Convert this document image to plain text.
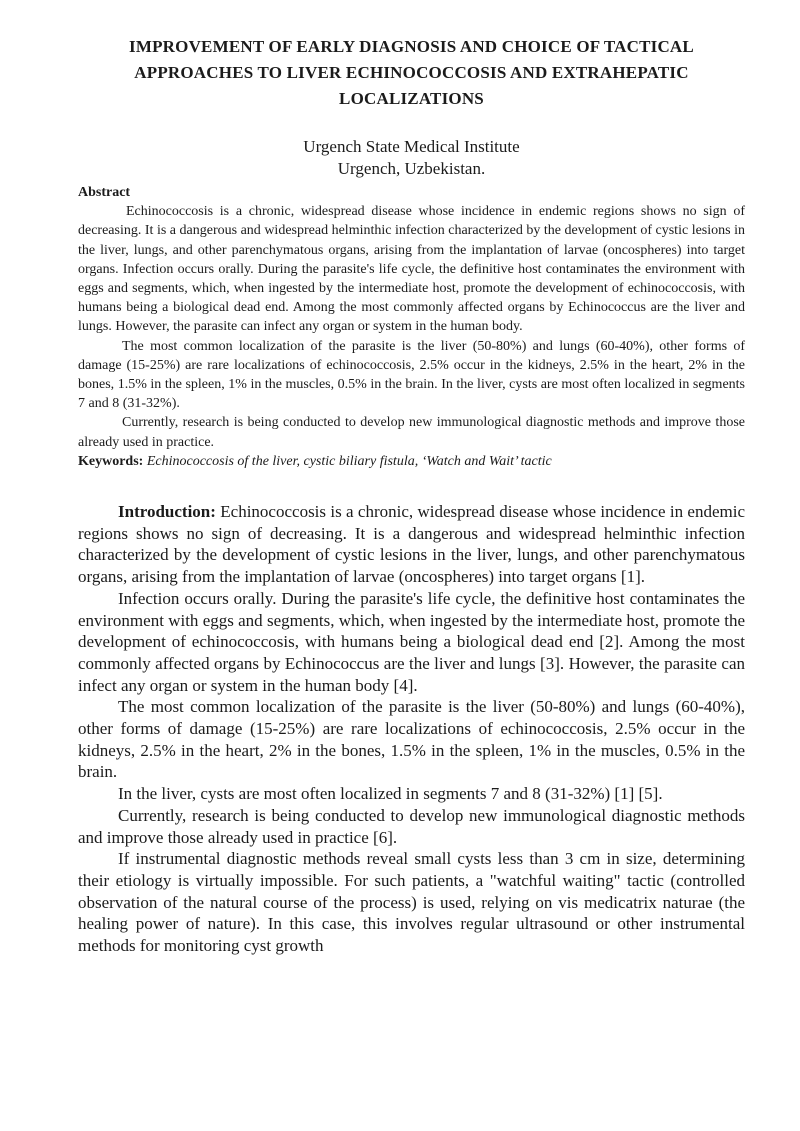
IMPROVEMENT OF EARLY DIAGNOSIS AND CHOICE OF TACTICAL
APPROACHES TO LIVER ECHINOCOCCOSIS AND EXTRAHEPATIC
LOCALIZATIONS
Urgench State Medical Institute
Urgench, Uzbekistan.
Abstract

Echinococcosis is a chronic, widespread disease whose incidence in endemic regions shows no sign of decreasing. It is a dangerous and widespread helminthic infection characterized by the development of cystic lesions in the liver, lungs, and other parenchymatous organs, arising from the implantation of larvae (oncospheres) into target organs. Infection occurs orally. During the parasite's life cycle, the definitive host contaminates the environment with eggs and segments, which, when ingested by the intermediate host, promote the development of echinococcosis, with humans being a biological dead end. Among the most commonly affected organs by Echinococcus are the liver and lungs. However, the parasite can infect any organ or system in the human body.

The most common localization of the parasite is the liver (50-80%) and lungs (60-40%), other forms of damage (15-25%) are rare localizations of echinococcosis, 2.5% occur in the kidneys, 2.5% in the heart, 2% in the bones, 1.5% in the spleen, 1% in the muscles, 0.5% in the brain. In the liver, cysts are most often localized in segments 7 and 8 (31-32%).

Currently, research is being conducted to develop new immunological diagnostic methods and improve those already used in practice.

Keywords: Echinococcosis of the liver, cystic biliary fistula, ‘Watch and Wait’ tactic

Introduction: Echinococcosis is a chronic, widespread disease whose incidence in endemic regions shows no sign of decreasing. It is a dangerous and widespread helminthic infection characterized by the development of cystic lesions in the liver, lungs, and other parenchymatous organs, arising from the implantation of larvae (oncospheres) into target organs [1].

Infection occurs orally. During the parasite's life cycle, the definitive host contaminates the environment with eggs and segments, which, when ingested by the intermediate host, promote the development of echinococcosis, with humans being a biological dead end [2]. Among the most commonly affected organs by Echinococcus are the liver and lungs [3]. However, the parasite can infect any organ or system in the human body [4].

The most common localization of the parasite is the liver (50-80%) and lungs (60-40%), other forms of damage (15-25%) are rare localizations of echinococcosis, 2.5% occur in the kidneys, 2.5% in the heart, 2% in the bones, 1.5% in the spleen, 1% in the muscles, 0.5% in the brain.

In the liver, cysts are most often localized in segments 7 and 8 (31-32%) [1] [5].

Currently, research is being conducted to develop new immunological diagnostic methods and improve those already used in practice [6].

If instrumental diagnostic methods reveal small cysts less than 3 cm in size, determining their etiology is virtually impossible. For such patients, a "watchful waiting" tactic (controlled observation of the natural course of the process) is used, relying on vis medicatrix naturae (the healing power of nature). In this case, this involves regular ultrasound or other instrumental methods for monitoring cyst growth
